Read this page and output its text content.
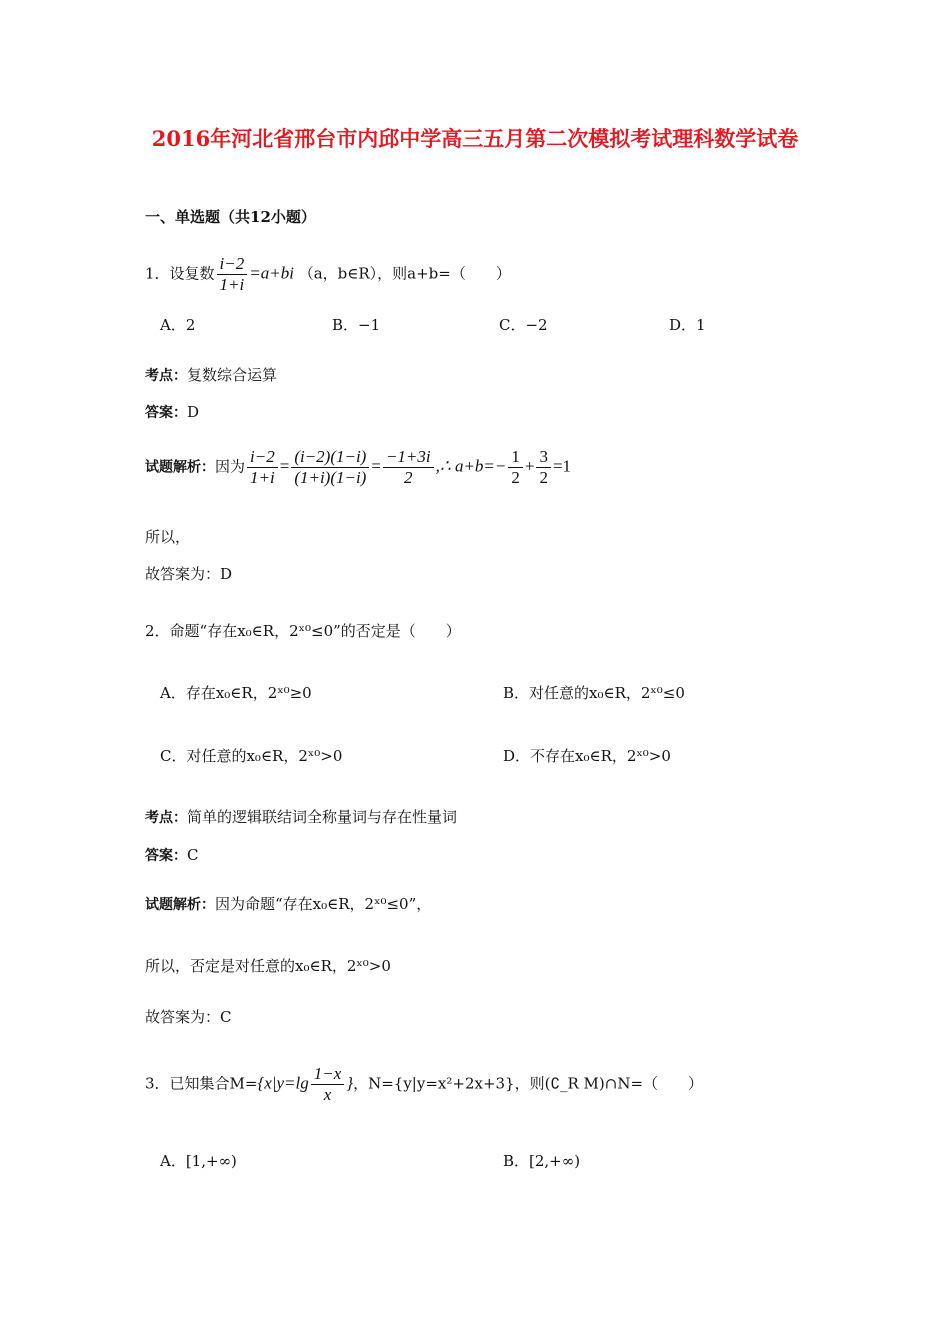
2016年河北省邢台市内邱中学高三五月第二次模拟考试理科数学试卷
一、单选题（共12小题）
1．设复数 $\frac{i-2}{1+i} =a+bi$ （a，b∈R），则a+b=（　　）
A．2	B．−1	C．−2	D．1
考点：复数综合运算
答案：D
试题解析：因为 $\frac{i-2}{1+i} = \frac{(i-2)(1-i)}{(1+i)(1-i)} = \frac{-1+3i}{2}$ ,∴ $a+b=- \frac{1}{2} + \frac{3}{2} =1$
所以，
故答案为：D
2．命题“存在x₀∈R，2ˣ⁰≤0”的否定是（　　）
A．存在x₀∈R，2ˣ⁰≥0	B．对任意的x₀∈R，2ˣ⁰≤0
C．对任意的x₀∈R，2ˣ⁰>0	D．不存在x₀∈R，2ˣ⁰>0
考点：简单的逻辑联结词全称量词与存在性量词
答案：C
试题解析：因为命题“存在x₀∈R，2ˣ⁰≤0”，
所以，否定是对任意的x₀∈R，2ˣ⁰>0
故答案为：C
3．已知集合$M=\{x|y=\lg \frac{1-x}{x}$ }，N={y|y=x²+2x+3}，则(∁_R M)∩N=（　　）
A．[1,+∞)	B．[2,+∞)
